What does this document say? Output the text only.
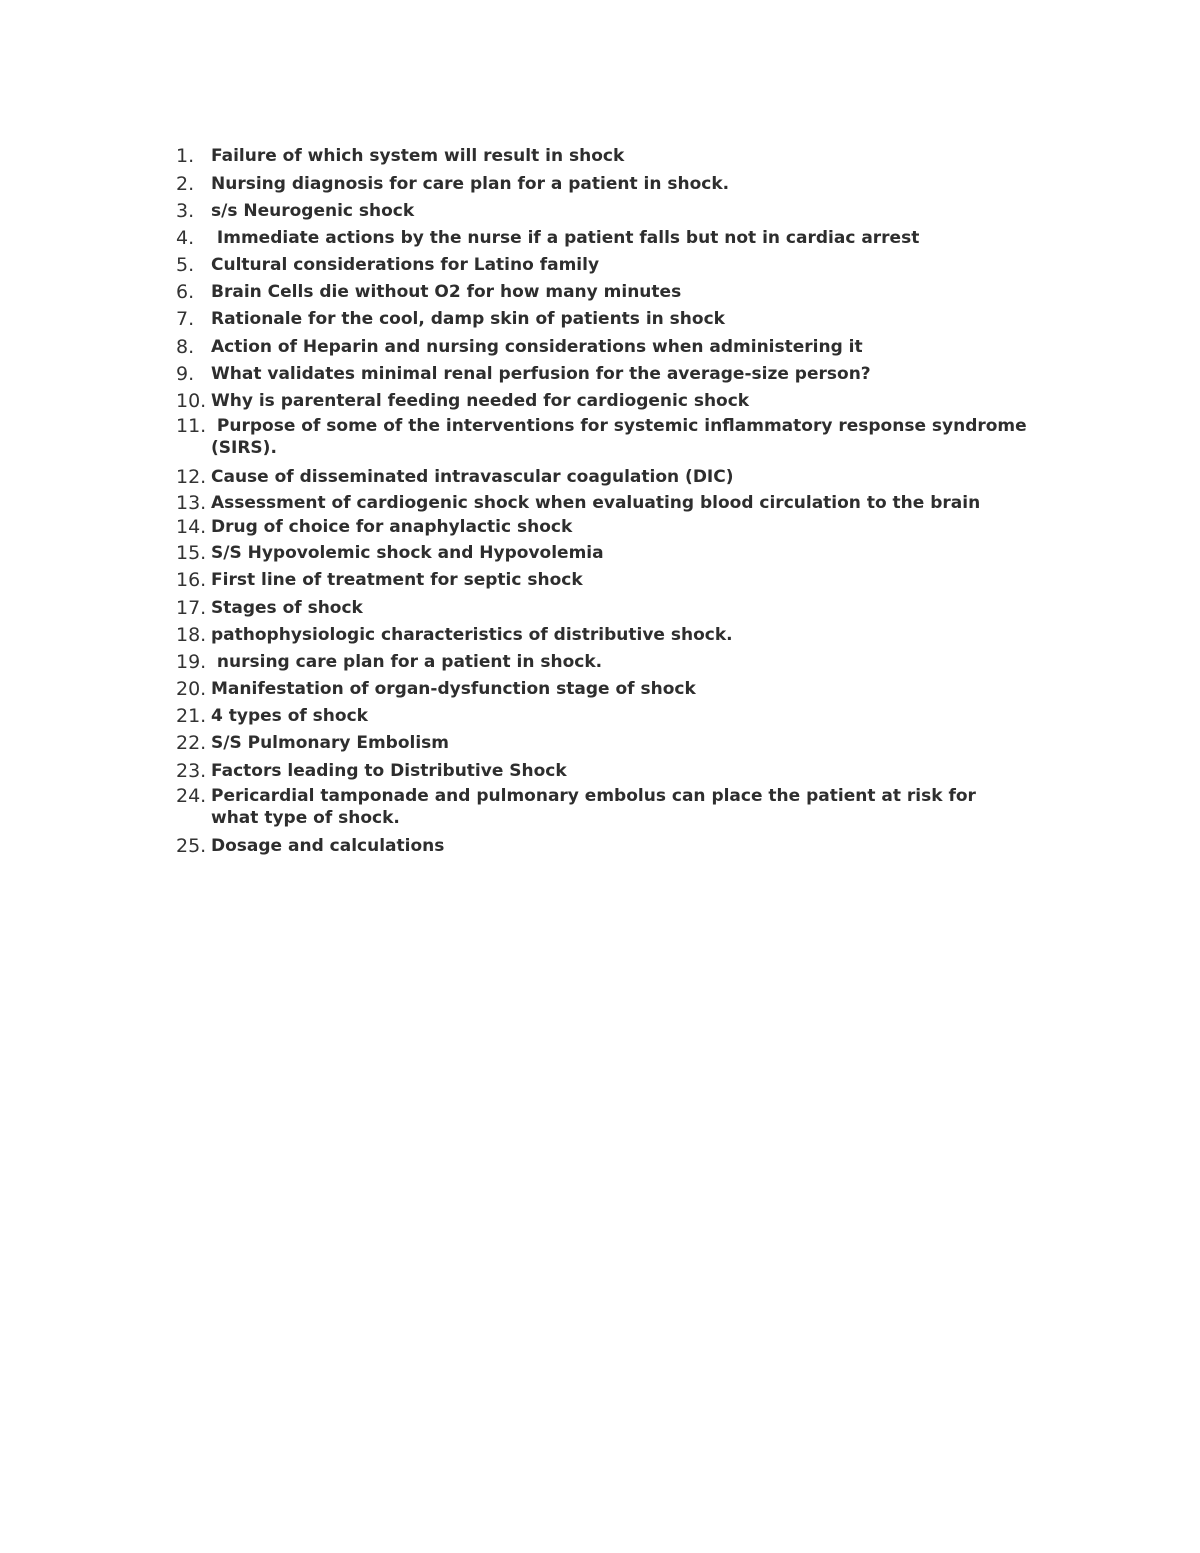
1. Failure of which system will result in shock
2. Nursing diagnosis for care plan for a patient in shock.
3. s/s Neurogenic shock
4. Immediate actions by the nurse if a patient falls but not in cardiac arrest
5. Cultural considerations for Latino family
6. Brain Cells die without O2 for how many minutes
7. Rationale for the cool, damp skin of patients in shock
8. Action of Heparin and nursing considerations when administering it
9. What validates minimal renal perfusion for the average-size person?
10. Why is parenteral feeding needed for cardiogenic shock
11. Purpose of some of the interventions for systemic inflammatory response syndrome (SIRS).
12. Cause of disseminated intravascular coagulation (DIC)
13. Assessment of cardiogenic shock when evaluating blood circulation to the brain
14. Drug of choice for anaphylactic shock
15. S/S Hypovolemic shock and Hypovolemia
16. First line of treatment for septic shock
17. Stages of shock
18. pathophysiologic characteristics of distributive shock.
19. nursing care plan for a patient in shock.
20. Manifestation of organ-dysfunction stage of shock
21. 4 types of shock
22. S/S Pulmonary Embolism
23. Factors leading to Distributive Shock
24. Pericardial tamponade and pulmonary embolus can place the patient at risk for what type of shock.
25. Dosage and calculations
